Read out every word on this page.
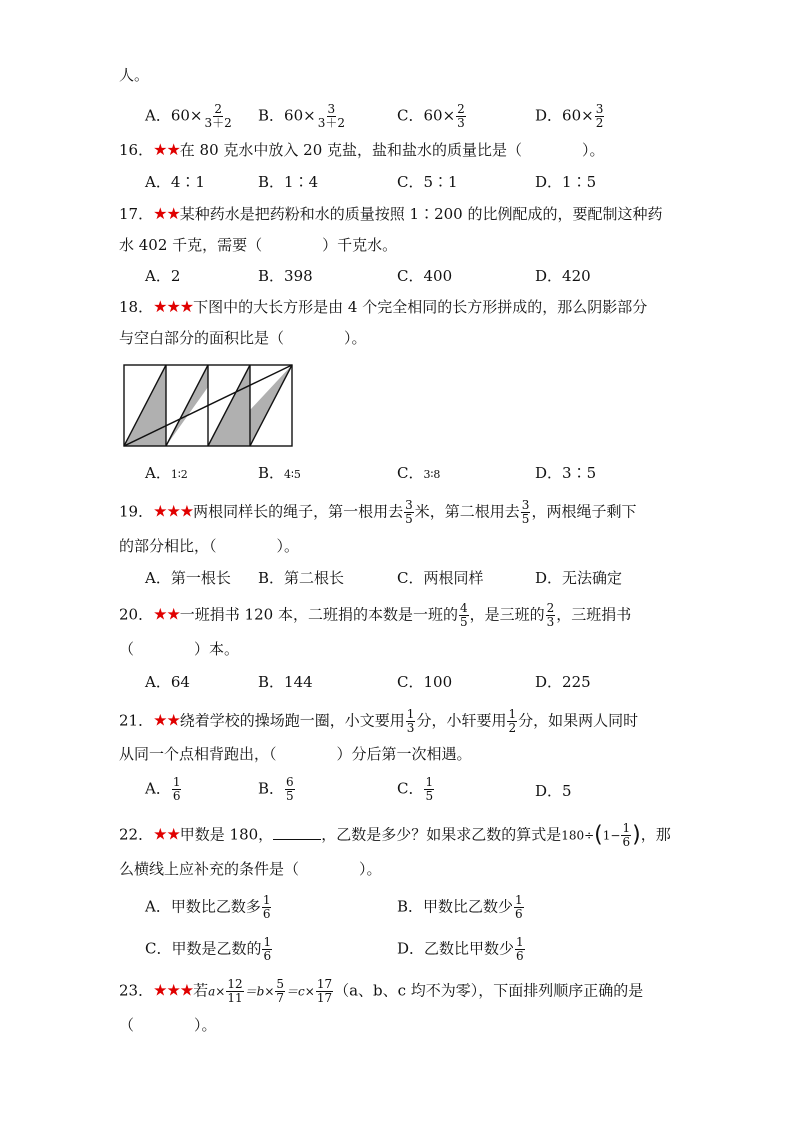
人。
A．$60\times \frac{2}{3+2}$ B．$60\times \frac{3}{3+2}$	C．$60\times \frac{2}{3}$	D．$60\times \frac{3}{2}$
16．★★在 80 克水中放入 20 克盐，盐和盐水的质量比是（　　　　）。
A．4∶1	B．1∶4	C．5∶1	D．1∶5
17．★★某种药水是把药粉和水的质量按照 1∶200 的比例配成的，要配制这种药
水 402 千克，需要（　　　　）千克水。
A．2	B．398	C．400	D．420
18．★★★下图中的大长方形是由 4 个完全相同的长方形拼成的，那么阴影部分
与空白部分的面积比是（　　　　）。
A．1∶2	B．4∶5	C．3∶8	D．3∶5
19．★★★两根同样长的绳子，第一根用去 $\frac{3}{5}$ 米，第二根用去 $\frac{3}{5}$ ，两根绳子剩下
的部分相比，（　　　　）。
A．第一根长 B．第二根长	C．两根同样	D．无法确定
20．★★一班捐书 120 本，二班捐的本数是一班的 $\frac{4}{5}$ ，是三班的 $\frac{2}{3}$ ，三班捐书
（　　　　）本。
A．64	B．144	C．100	D．225
21．★★绕着学校的操场跑一圈，小文要用 $\frac{1}{3}$ 分，小轩要用 $\frac{1}{2}$ 分，如果两人同时
从同一个点相背跑出，（　　　　）分后第一次相遇。
A． $\frac{1}{6}$	B． $\frac{6}{5}$	C． $\frac{1}{5}$	D．5
22．★★甲数是 180，	，乙数是多少？如果求乙数的算式是$180\div(1- \frac{1}{6}$ )，那
么横线上应补充的条件是（　　　　）。
A．甲数比乙数多 $\frac{1}{6}$	B．甲数比乙数少 $\frac{1}{6}$
C．甲数是乙数的 $\frac{1}{6}$	D．乙数比甲数少 $\frac{1}{6}$
23．★★★若$a\times \frac{12}{11} =b\times \frac{5}{7} =c\times \frac{17}{17} (a$、b、c 均不为零），下面排列顺序正确的是
（　　　　）。
